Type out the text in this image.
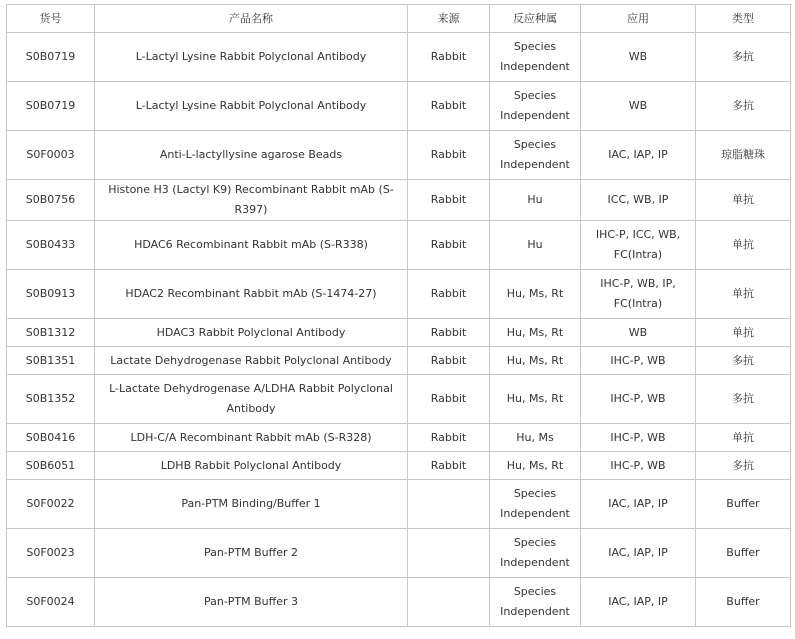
货号	产品名称	来源	反应种属	应用	类型
S0B0719	L-Lactyl Lysine Rabbit Polyclonal Antibody	Rabbit	Species Independent	WB	多抗
S0B0719	L-Lactyl Lysine Rabbit Polyclonal Antibody	Rabbit	Species Independent	WB	多抗
S0F0003	Anti-L-lactyllysine agarose Beads	Rabbit	Species Independent	IAC, IAP, IP	琼脂糖珠
S0B0756	Histone H3 (Lactyl K9) Recombinant Rabbit mAb (S-R397)	Rabbit	Hu	ICC, WB, IP	单抗
S0B0433	HDAC6 Recombinant Rabbit mAb (S-R338)	Rabbit	Hu	IHC-P, ICC, WB, FC(Intra)	单抗
S0B0913	HDAC2 Recombinant Rabbit mAb (S-1474-27)	Rabbit	Hu, Ms, Rt	IHC-P, WB, IP, FC(Intra)	单抗
S0B1312	HDAC3 Rabbit Polyclonal Antibody	Rabbit	Hu, Ms, Rt	WB	单抗
S0B1351	Lactate Dehydrogenase Rabbit Polyclonal Antibody	Rabbit	Hu, Ms, Rt	IHC-P, WB	多抗
S0B1352	L-Lactate Dehydrogenase A/LDHA Rabbit Polyclonal Antibody	Rabbit	Hu, Ms, Rt	IHC-P, WB	多抗
S0B0416	LDH-C/A Recombinant Rabbit mAb (S-R328)	Rabbit	Hu, Ms	IHC-P, WB	单抗
S0B6051	LDHB Rabbit Polyclonal Antibody	Rabbit	Hu, Ms, Rt	IHC-P, WB	多抗
S0F0022	Pan-PTM Binding/Buffer 1		Species Independent	IAC, IAP, IP	Buffer
S0F0023	Pan-PTM Buffer 2		Species Independent	IAC, IAP, IP	Buffer
S0F0024	Pan-PTM Buffer 3		Species Independent	IAC, IAP, IP	Buffer
